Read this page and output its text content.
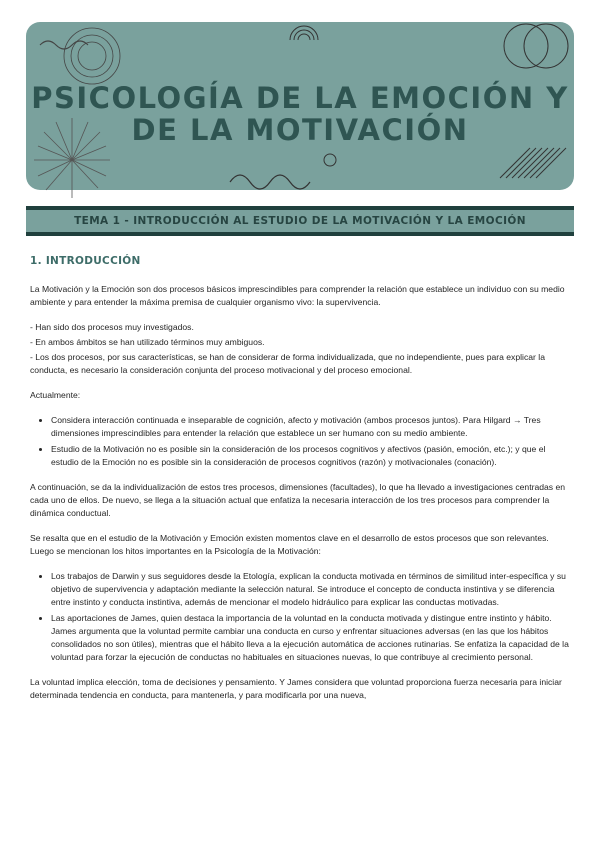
PSICOLOGÍA DE LA EMOCIÓN Y DE LA MOTIVACIÓN
TEMA 1 - INTRODUCCIÓN AL ESTUDIO DE LA MOTIVACIÓN Y LA EMOCIÓN
1. INTRODUCCIÓN

La Motivación y la Emoción son dos procesos básicos imprescindibles para comprender la relación que establece un individuo con su medio ambiente y para entender la máxima premisa de cualquier organismo vivo: la supervivencia.

- Han sido dos procesos muy investigados.

- En ambos ámbitos se han utilizado términos muy ambiguos.

- Los dos procesos, por sus características, se han de considerar de forma individualizada, que no independiente, pues para explicar la conducta, es necesario la consideración conjunta del proceso motivacional y del proceso emocional.

Actualmente:

• Considera interacción continuada e inseparable de cognición, afecto y motivación (ambos procesos juntos). Para Hilgard → Tres dimensiones imprescindibles para entender la relación que establece un ser humano con su medio ambiente.
• Estudio de la Motivación no es posible sin la consideración de los procesos cognitivos y afectivos (pasión, emoción, etc.); y que el estudio de la Emoción no es posible sin la consideración de procesos cognitivos (razón) y motivacionales (conación).

A continuación, se da la individualización de estos tres procesos, dimensiones (facultades), lo que ha llevado a investigaciones centradas en cada uno de ellos. De nuevo, se llega a la situación actual que enfatiza la necesaria interacción de los tres procesos para comprender la dinámica conductual.

Se resalta que en el estudio de la Motivación y Emoción existen momentos clave en el desarrollo de estos procesos que son relevantes. Luego se mencionan los hitos importantes en la Psicología de la Motivación:

• Los trabajos de Darwin y sus seguidores desde la Etología, explican la conducta motivada en términos de similitud inter-específica y su objetivo de supervivencia y adaptación mediante la selección natural. Se introduce el concepto de conducta instintiva y se diferencia entre instinto y conducta instintiva, además de mencionar el modelo hidráulico para explicar las conductas motivadas.
• Las aportaciones de James, quien destaca la importancia de la voluntad en la conducta motivada y distingue entre instinto y hábito. James argumenta que la voluntad permite cambiar una conducta en curso y enfrentar situaciones adversas (en las que los hábitos consolidados no son útiles), mientras que el hábito lleva a la ejecución automática de acciones rutinarias. Se enfatiza la capacidad de la voluntad para forzar la ejecución de conductas no habituales en situaciones nuevas, lo que contribuye al crecimiento personal.

La voluntad implica elección, toma de decisiones y pensamiento. Y James considera que voluntad proporciona fuerza necesaria para iniciar determinada tendencia en conducta, para mantenerla, y para modificarla por una nueva,
